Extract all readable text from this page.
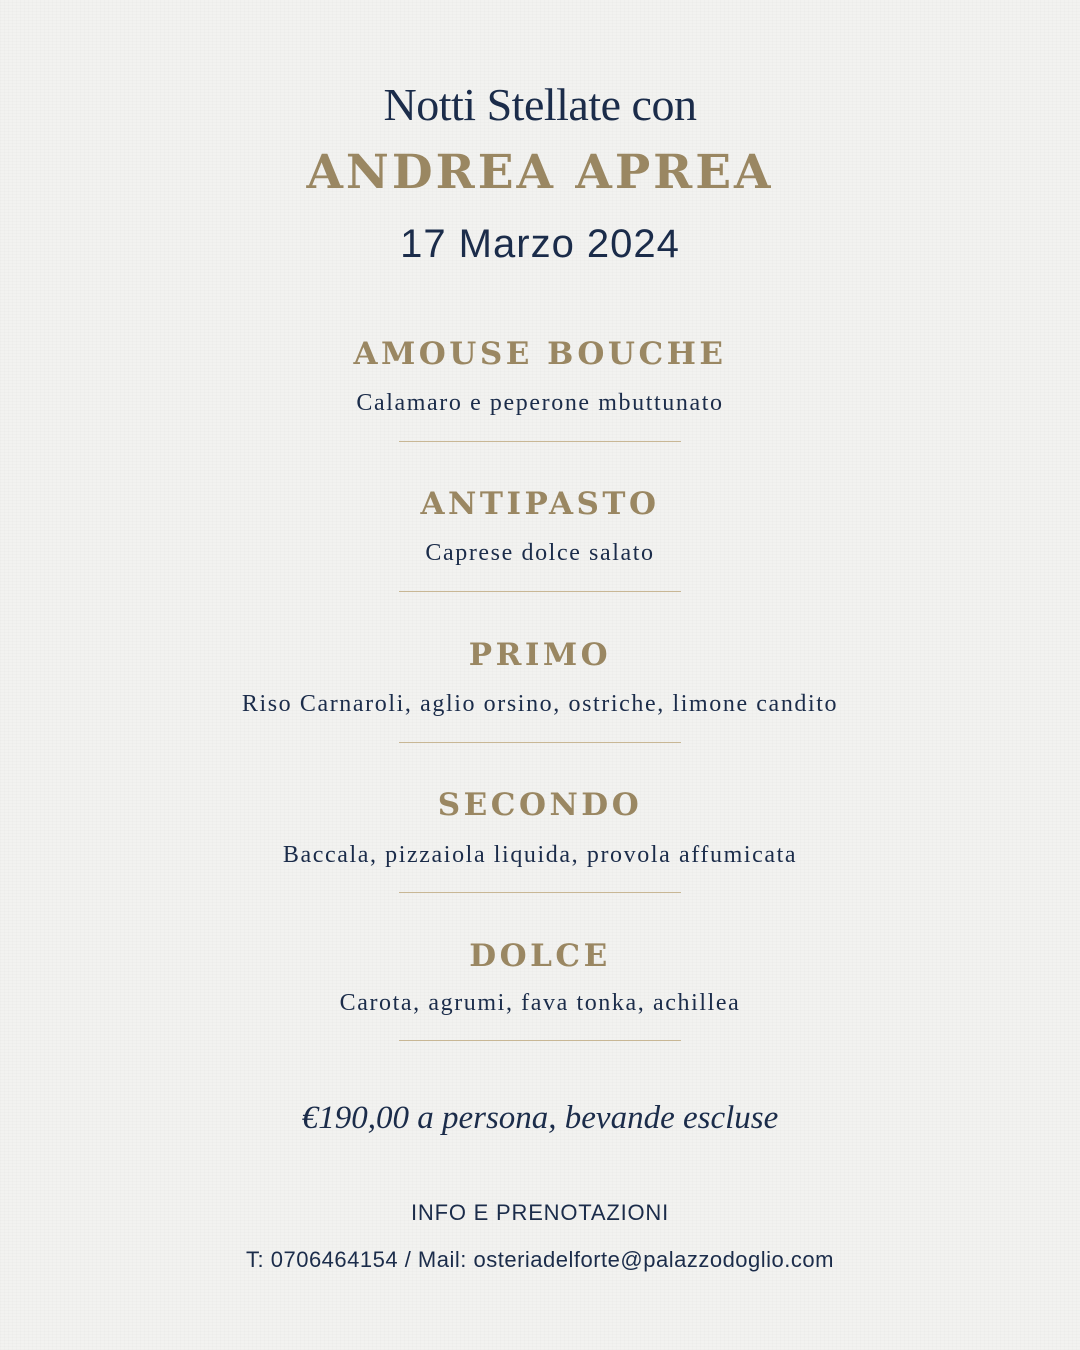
Notti Stellate con
ANDREA APREA
17 Marzo 2024
AMOUSE BOUCHE
Calamaro e peperone mbuttunato
ANTIPASTO
Caprese dolce salato
PRIMO
Riso Carnaroli, aglio orsino, ostriche, limone candito
SECONDO
Baccala, pizzaiola liquida, provola affumicata
DOLCE
Carota, agrumi, fava tonka, achillea
€190,00 a persona, bevande escluse
INFO E PRENOTAZIONI
T: 0706464154 / Mail: osteriadelforte@palazzodoglio.com
